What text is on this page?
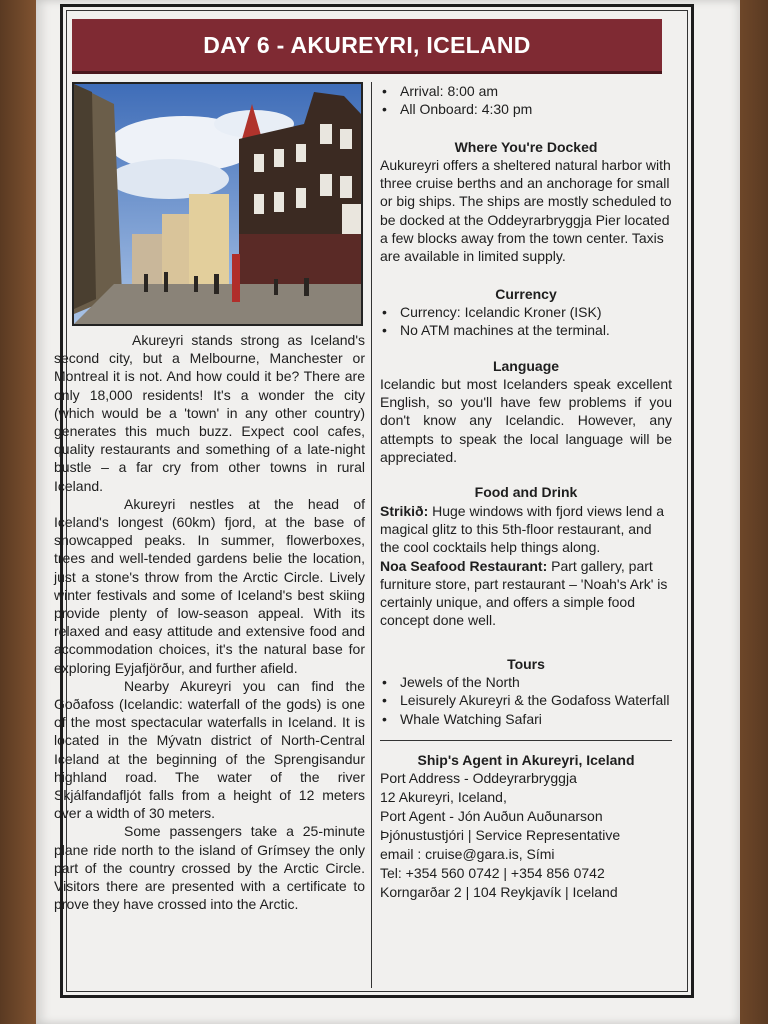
DAY 6 - AKUREYRI, ICELAND

Akureyri stands strong as Iceland's second city, but a Melbourne, Manchester or Montreal it is not. And how could it be? There are only 18,000 residents! It's a wonder the city (which would be a 'town' in any other country) generates this much buzz. Expect cool cafes, quality restaurants and something of a late-night bustle – a far cry from other towns in rural Iceland.

Akureyri nestles at the head of Iceland's longest (60km) fjord, at the base of snowcapped peaks. In summer, flowerboxes, trees and well-tended gardens belie the location, just a stone's throw from the Arctic Circle. Lively winter festivals and some of Iceland's best skiing provide plenty of low-season appeal. With its relaxed and easy attitude and extensive food and accommodation choices, it's the natural base for exploring Eyjafjörður, and further afield.

Nearby Akureyri you can find the Goðafoss (Icelandic: waterfall of the gods) is one of the most spectacular waterfalls in Iceland. It is located in the Mývatn district of North-Central Iceland at the beginning of the Sprengisandur highland road. The water of the river Skjálfandafljót falls from a height of 12 meters over a width of 30 meters.

Some passengers take a 25-minute plane ride north to the island of Grímsey the only part of the country crossed by the Arctic Circle. Visitors there are presented with a certificate to prove they have crossed into the Arctic.

• Arrival: 8:00 am
• All Onboard: 4:30 pm

Where You're Docked

Aukureyri offers a sheltered natural harbor with three cruise berths and an anchorage for small or big ships. The ships are mostly scheduled to be docked at the Oddeyrarbryggja Pier located a few blocks away from the town center. Taxis are available in limited supply.

Currency

• Currency: Icelandic Kroner (ISK)
• No ATM machines at the terminal.

Language

Icelandic but most Icelanders speak excellent English, so you'll have few problems if you don't know any Icelandic. However, any attempts to speak the local language will be appreciated.

Food and Drink

Strikið: Huge windows with fjord views lend a magical glitz to this 5th-floor restaurant, and the cool cocktails help things along.

Noa Seafood Restaurant: Part gallery, part furniture store, part restaurant – 'Noah's Ark' is certainly unique, and offers a simple food concept done well.

Tours

• Jewels of the North
• Leisurely Akureyri & the Godafoss Waterfall
• Whale Watching Safari

Ship's Agent in Akureyri, Iceland

Port Address - Oddeyrarbryggja

12 Akureyri, Iceland,

Port Agent - Jón Auðun Auðunarson

Þjónustustjóri | Service Representative

email : cruise@gara.is, Sími

Tel: +354 560 0742 | +354 856 0742

Korngarðar 2 | 104 Reykjavík | Iceland
